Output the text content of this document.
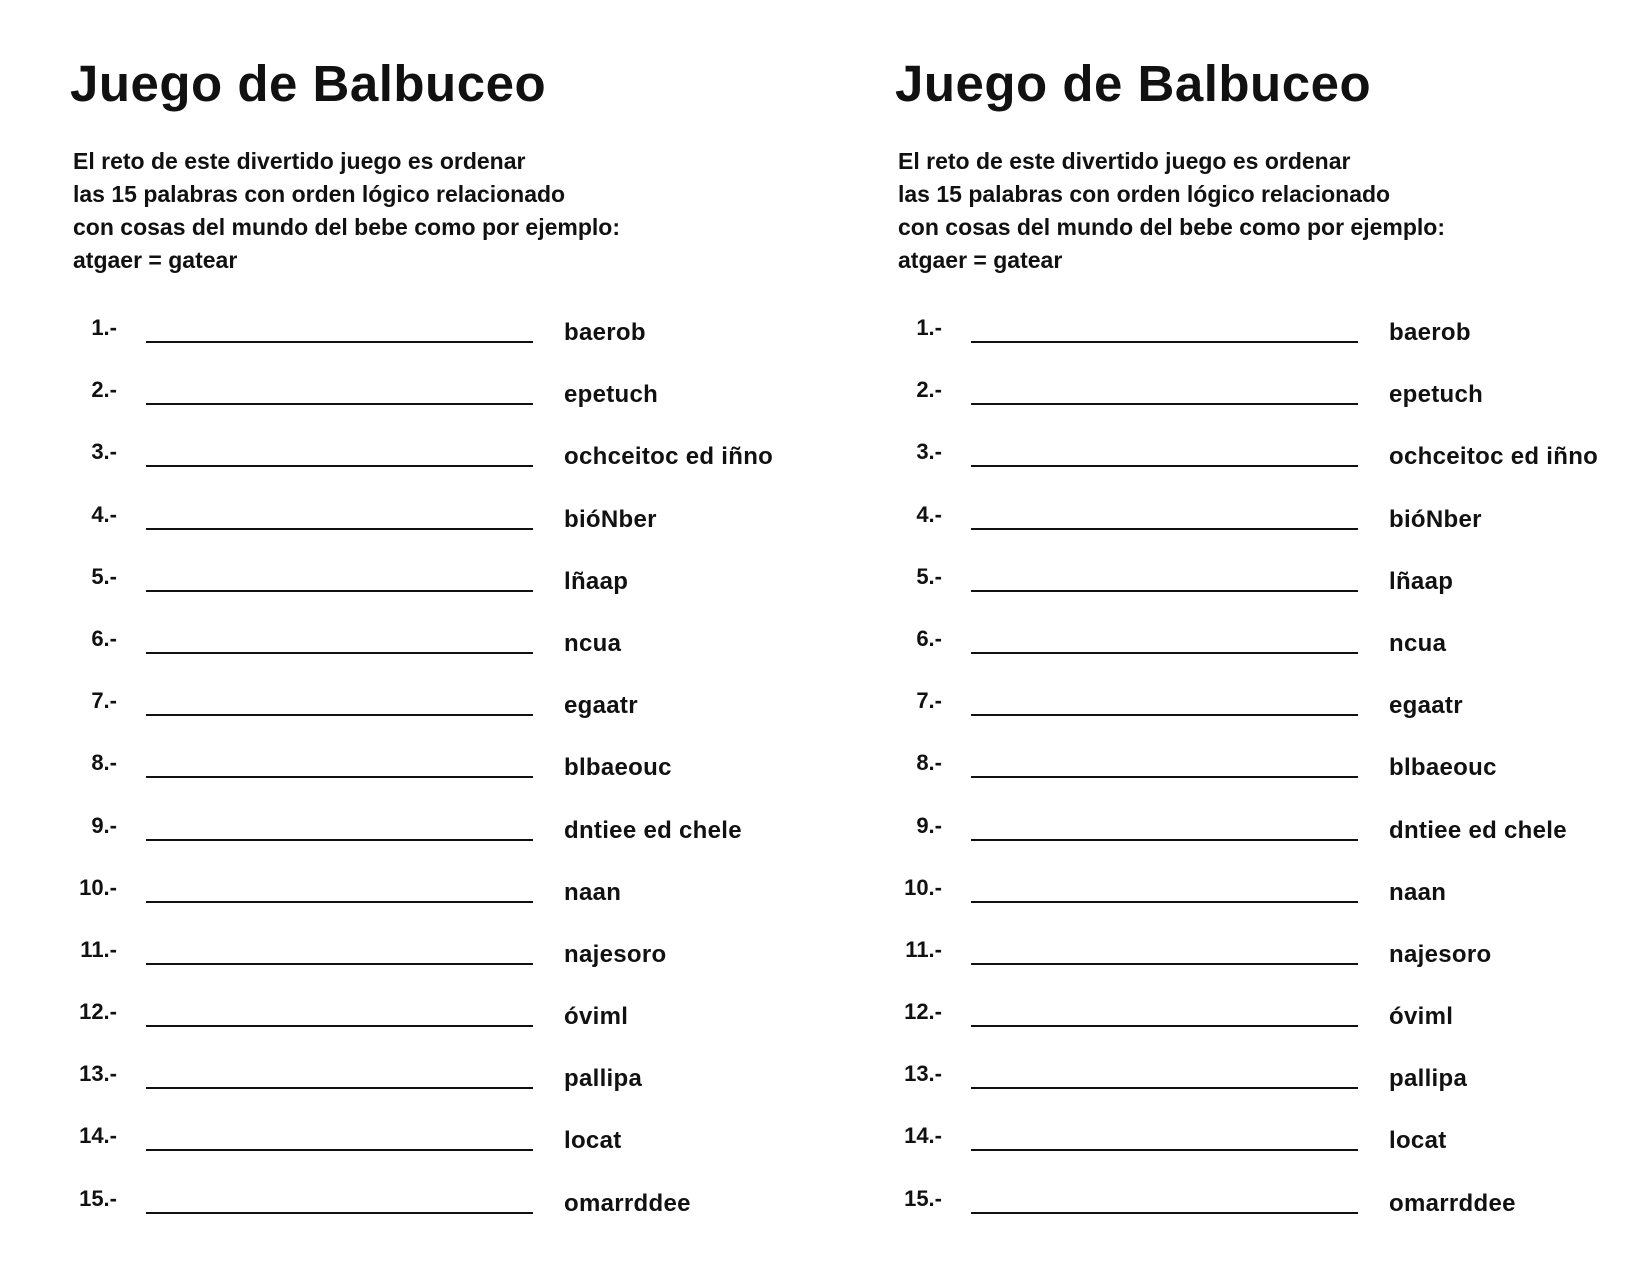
Juego de Balbuceo

El reto de este divertido juego es ordenar
las 15 palabras con orden lógico relacionado
con cosas del mundo del bebe como por ejemplo:
atgaer = gatear

1.-	baerob
2.-	epetuch
3.-	ochceitoc ed iñno
4.-	bióNber
5.-	lñaap
6.-	ncua
7.-	egaatr
8.-	blbaeouc
9.-	dntiee ed chele
10.-	naan
11.-	najesoro
12.-	óviml
13.-	pallipa
14.-	locat
15.-	omarrddee
Juego de Balbuceo

El reto de este divertido juego es ordenar
las 15 palabras con orden lógico relacionado
con cosas del mundo del bebe como por ejemplo:
atgaer = gatear

1.-	baerob
2.-	epetuch
3.-	ochceitoc ed iñno
4.-	bióNber
5.-	lñaap
6.-	ncua
7.-	egaatr
8.-	blbaeouc
9.-	dntiee ed chele
10.-	naan
11.-	najesoro
12.-	óviml
13.-	pallipa
14.-	locat
15.-	omarrddee
